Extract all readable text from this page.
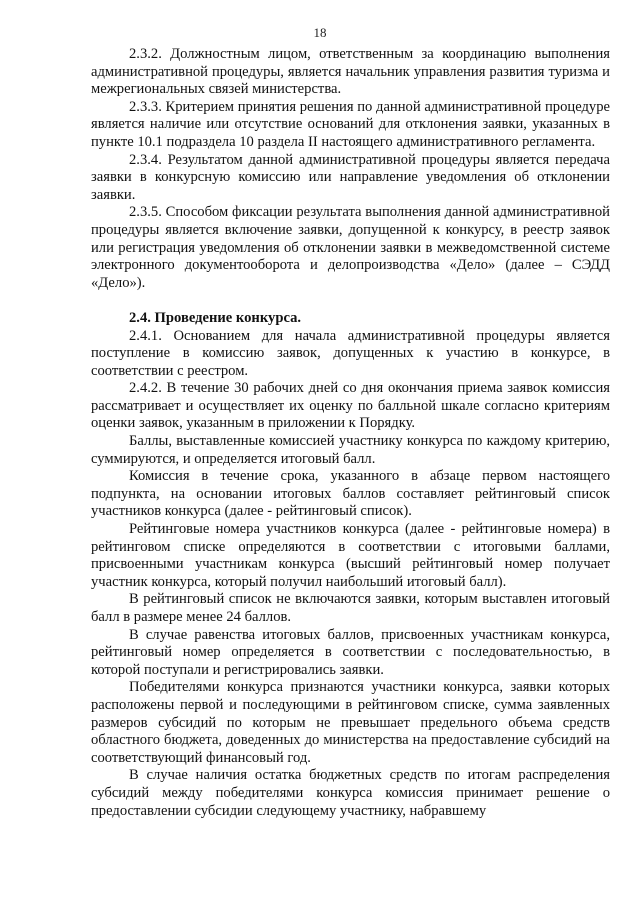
18

2.3.2. Должностным лицом, ответственным за координацию выполнения административной процедуры, является начальник управления развития туризма и межрегиональных связей министерства.

2.3.3. Критерием принятия решения по данной административной процедуре является наличие или отсутствие оснований для отклонения заявки, указанных в пункте 10.1 подраздела 10 раздела II настоящего административного регламента.

2.3.4. Результатом данной административной процедуры является передача заявки в конкурсную комиссию или направление уведомления об отклонении заявки.

2.3.5. Способом фиксации результата выполнения данной административной процедуры является включение заявки, допущенной к конкурсу, в реестр заявок или регистрация уведомления об отклонении заявки в межведомственной системе электронного документооборота и делопроизводства «Дело» (далее – СЭДД «Дело»).

2.4. Проведение конкурса.

2.4.1. Основанием для начала административной процедуры является поступление в комиссию заявок, допущенных к участию в конкурсе, в соответствии с реестром.

2.4.2. В течение 30 рабочих дней со дня окончания приема заявок комиссия рассматривает и осуществляет их оценку по балльной шкале согласно критериям оценки заявок, указанным в приложении к Порядку.

Баллы, выставленные комиссией участнику конкурса по каждому критерию, суммируются, и определяется итоговый балл.

Комиссия в течение срока, указанного в абзаце первом настоящего подпункта, на основании итоговых баллов составляет рейтинговый список участников конкурса (далее - рейтинговый список).

Рейтинговые номера участников конкурса (далее - рейтинговые номера) в рейтинговом списке определяются в соответствии с итоговыми баллами, присвоенными участникам конкурса (высший рейтинговый номер получает участник конкурса, который получил наибольший итоговый балл).

В рейтинговый список не включаются заявки, которым выставлен итоговый балл в размере менее 24 баллов.

В случае равенства итоговых баллов, присвоенных участникам конкурса, рейтинговый номер определяется в соответствии с последовательностью, в которой поступали и регистрировались заявки.

Победителями конкурса признаются участники конкурса, заявки которых расположены первой и последующими в рейтинговом списке, сумма заявленных размеров субсидий по которым не превышает предельного объема средств областного бюджета, доведенных до министерства на предоставление субсидий на соответствующий финансовый год.

В случае наличия остатка бюджетных средств по итогам распределения субсидий между победителями конкурса комиссия принимает решение о предоставлении субсидии следующему участнику, набравшему
